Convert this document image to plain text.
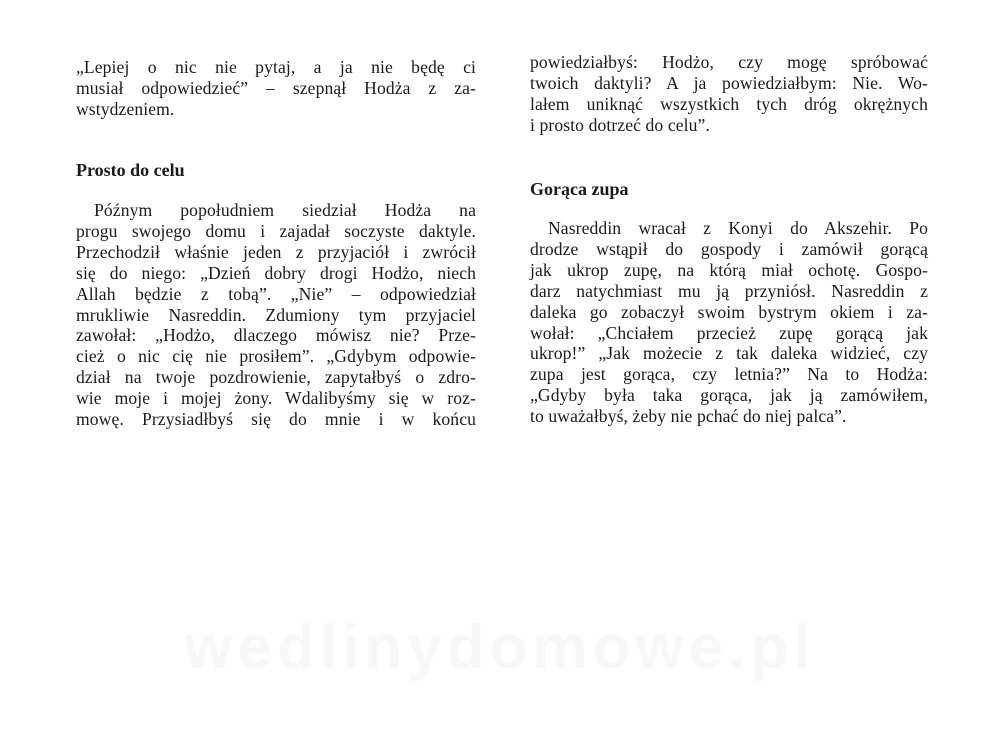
„Lepiej o nic nie pytaj, a ja nie będę ci
musiał odpowiedzieć” – szepnął Hodża z za-
wstydzeniem.

Prosto do celu

Późnym popołudniem siedział Hodża na
progu swojego domu i zajadał soczyste daktyle.
Przechodził właśnie jeden z przyjaciół i zwrócił
się do niego: „Dzień dobry drogi Hodżo, niech
Allah będzie z tobą”. „Nie” – odpowiedział
mrukliwie Nasreddin. Zdumiony tym przyjaciel
zawołał: „Hodżo, dlaczego mówisz nie? Prze-
cież o nic cię nie prosiłem”. „Gdybym odpowie-
dział na twoje pozdrowienie, zapytałbyś o zdro-
wie moje i mojej żony. Wdalibyśmy się w roz-
mowę. Przysiadłbyś się do mnie i w końcu

powiedziałbyś: Hodżo, czy mogę spróbować
twoich daktyli? A ja powiedziałbym: Nie. Wo-
lałem uniknąć wszystkich tych dróg okrężnych
i prosto dotrzeć do celu”.

Gorąca zupa

Nasreddin wracał z Konyi do Akszehir. Po
drodze wstąpił do gospody i zamówił gorącą
jak ukrop zupę, na którą miał ochotę. Gospo-
darz natychmiast mu ją przyniósł. Nasreddin z
daleka go zobaczył swoim bystrym okiem i za-
wołał: „Chciałem przecież zupę gorącą jak
ukrop!” „Jak możecie z tak daleka widzieć, czy
zupa jest gorąca, czy letnia?” Na to Hodża:
„Gdyby była taka gorąca, jak ją zamówiłem,
to uważałbyś, żeby nie pchać do niej palca”.

wedlinydomowe.pl
